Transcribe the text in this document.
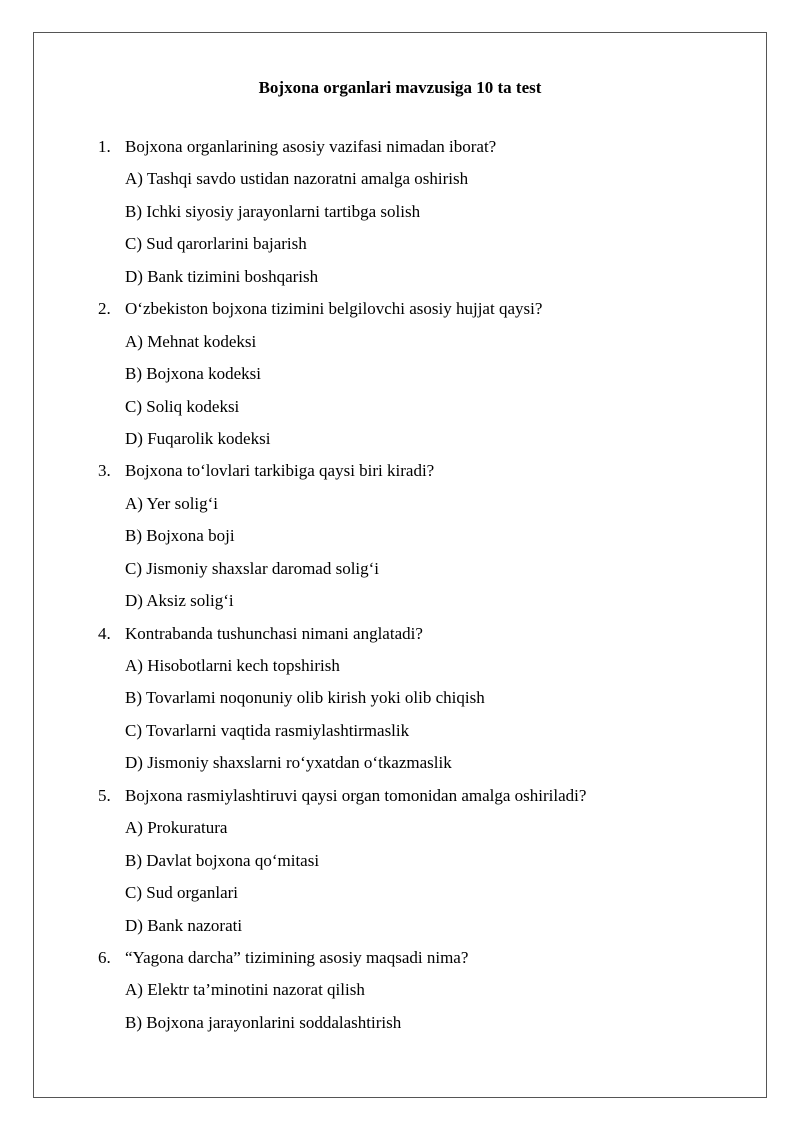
Bojxona organlari mavzusiga 10 ta test
1. Bojxona organlarining asosiy vazifasi nimadan iborat?
A) Tashqi savdo ustidan nazoratni amalga oshirish
B) Ichki siyosiy jarayonlarni tartibga solish
C) Sud qarorlarini bajarish
D) Bank tizimini boshqarish
2. O‘zbekiston bojxona tizimini belgilovchi asosiy hujjat qaysi?
A) Mehnat kodeksi
B) Bojxona kodeksi
C) Soliq kodeksi
D) Fuqarolik kodeksi
3. Bojxona to‘lovlari tarkibiga qaysi biri kiradi?
A) Yer solig‘i
B) Bojxona boji
C) Jismoniy shaxslar daromad solig‘i
D) Aksiz solig‘i
4. Kontrabanda tushunchasi nimani anglatadi?
A) Hisobotlarni kech topshirish
B) Tovarlami noqonuniy olib kirish yoki olib chiqish
C) Tovarlarni vaqtida rasmiylashtirmaslik
D) Jismoniy shaxslarni ro‘yxatdan o‘tkazmaslik
5. Bojxona rasmiylashtiruvi qaysi organ tomonidan amalga oshiriladi?
A) Prokuratura
B) Davlat bojxona qo‘mitasi
C) Sud organlari
D) Bank nazorati
6. “Yagona darcha” tizimining asosiy maqsadi nima?
A) Elektr ta’minotini nazorat qilish
B) Bojxona jarayonlarini soddalashtirish
